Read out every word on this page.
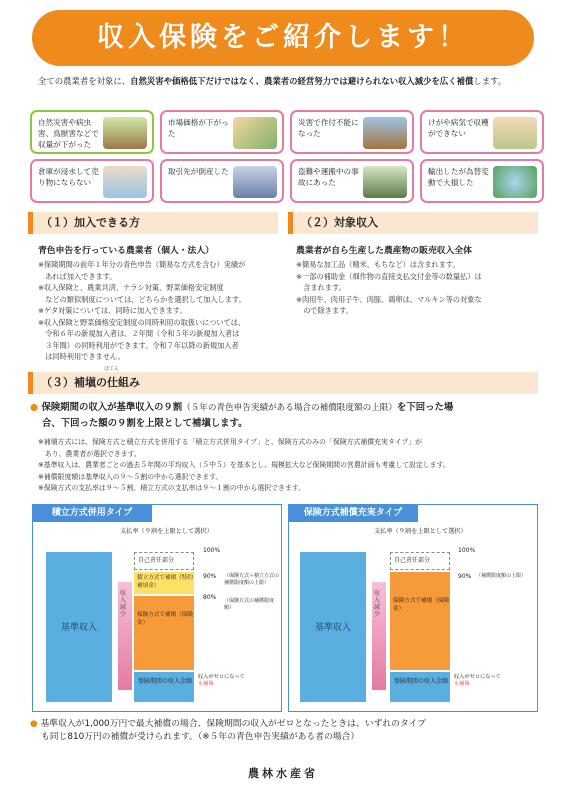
収入保険をご紹介します！
全ての農業者を対象に、自然災害や価格低下だけではなく、農業者の経営努力では避けられない収入減少を広く補償します。
自然災害や病虫害、鳥獣害などで収量が下がった
市場価格が下がった
災害で作付不能になった
けがや病気で収穫ができない
倉庫が浸水して売り物にならない
取引先が倒産した	盗難や運搬中の事故にあった
輸出したが為替変動で大損した
（１）加入できる方
青色申告を行っている農業者（個人・法人）
※保険期間の前年１年分の青色申告（簡易な方式を含む）実績が
　あれば加入できます。
※収入保険と、農業共済、ナラシ対策、野菜価格安定制度
　などの類似制度については、どちらかを選択して加入します。
※ゲタ対策については、同時に加入できます。
※収入保険と野菜価格安定制度の同時利用の取扱いについては、
　令和６年の新規加入者は、２年間（令和５年の新規加入者は
　３年間）の同時利用ができます。令和７年以降の新規加入者
　は同時利用できません。
（２）対象収入
農業者が自ら生産した農産物の販売収入全体
※簡易な加工品（精米、もちなど）は含まれます。
※一部の補助金（畑作物の直接支払交付金等の数量払）は
　含まれます。
※肉用牛、肉用子牛、肉豚、鶏卵は、マルキン等の対象な
　ので除きます。
（３）補塡の仕組み
ほてん
● 保険期間の収入が基準収入の９割（５年の青色申告実績がある場合の補償限度額の上限）を下回った場
合、下回った額の９割を上限として補塡します。
※補塡方式には、保険方式と積立方式を併用する「積立方式併用タイプ」と、保険方式のみの「保険方式補償充実タイプ」が
　あり、農業者が選択できます。
※基準収入は、農業者ごとの過去５年間の平均収入（５中５）を基本とし、規模拡大など保険期間の営農計画も考慮して設定します。
※補償限度額は基準収入の９～５割の中から選択できます。
※保険方式の支払率は９～５割、積立方式の支払率は９～１割の中から選択できます。
積立方式併用タイプ
支払率（９割を上限として選択）
基準収入
収入減少
自己責任部分
積立方式で補塡（特約補填金）
保険方式で補塡（保険金）
保険期間の収入金額
100%
90%
80%
（保険方式＋積立方式の補償限度額の上限）
（保険方式の補償限度額）
収入がゼロになって
も補塡
保険方式補償充実タイプ
支払率（９割を上限として選択）
基準収入
収入減少
自己責任部分
保険方式で補塡（保険金）
保険期間の収入金額
100%
90% （補償限度額の上限）
収入がゼロになって
も補塡
● 基準収入が1,000万円で最大補償の場合、保険期間の収入がゼロとなったときは、いずれのタイプ
も同じ810万円の補償が受けられます。（※５年の青色申告実績がある者の場合）
農林水産省
